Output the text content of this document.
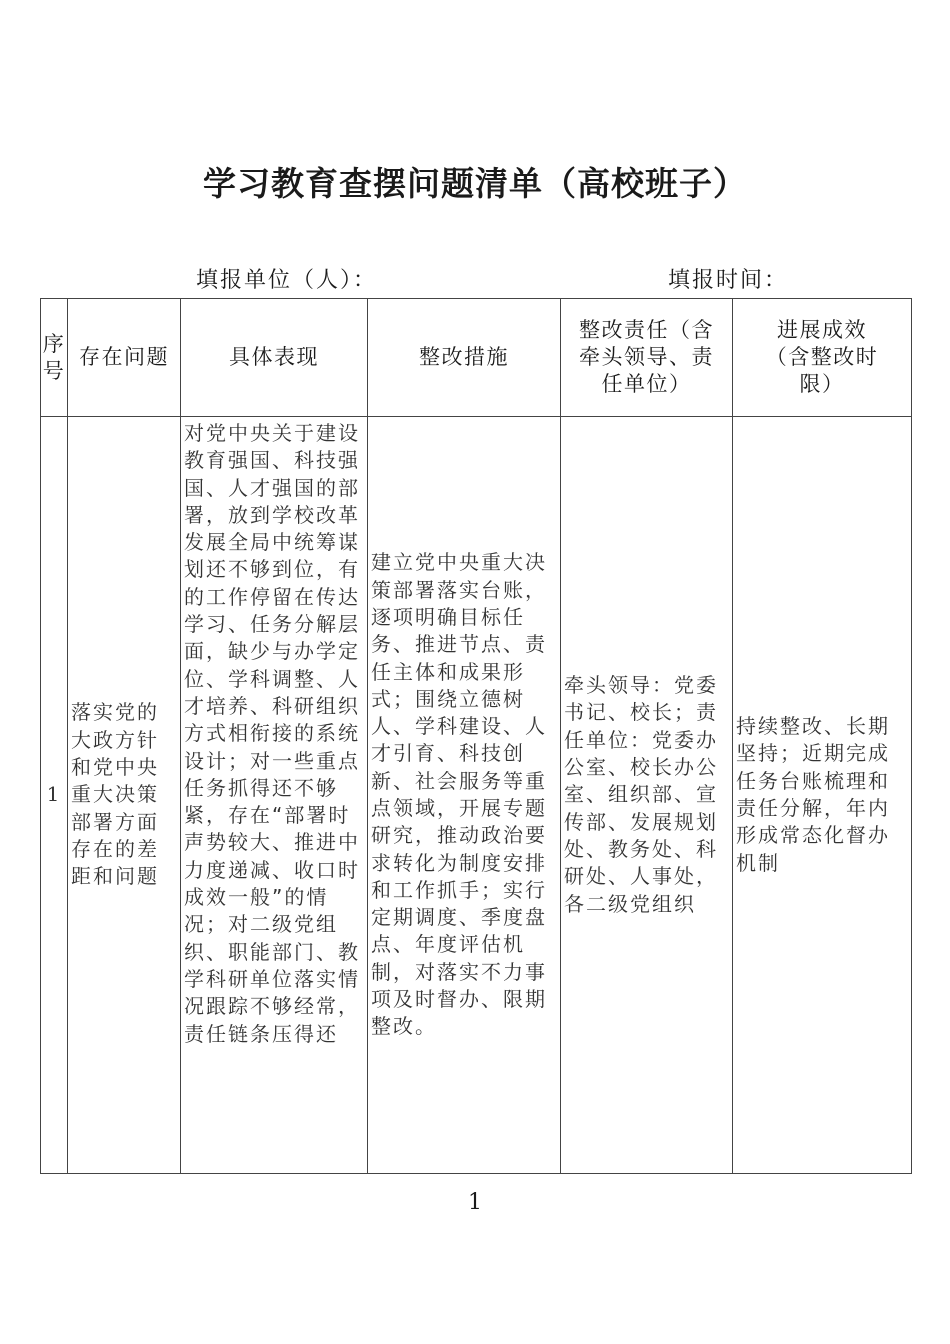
学习教育查摆问题清单（高校班子）
填报单位（人）：	填报时间：
序号	存在问题	具体表现	整改措施	整改责任（含牵头领导、责任单位）	进展成效（含整改时限）

1	落实党的大政方针和党中央重大决策部署方面存在的差距和问题	对党中央关于建设教育强国、科技强国、人才强国的部署，放到学校改革发展全局中统筹谋划还不够到位，有的工作停留在传达学习、任务分解层面，缺少与办学定位、学科调整、人才培养、科研组织方式相衔接的系统设计；对一些重点任务抓得还不够紧，存在“部署时声势较大、推进中力度递减、收口时成效一般”的情况；对二级党组织、职能部门、教学科研单位落实情况跟踪不够经常，责任链条压得还	建立党中央重大决策部署落实台账，逐项明确目标任务、推进节点、责任主体和成果形式；围绕立德树人、学科建设、人才引育、科技创新、社会服务等重点领域，开展专题研究，推动政治要求转化为制度安排和工作抓手；实行定期调度、季度盘点、年度评估机制，对落实不力事项及时督办、限期整改。	牵头领导：党委书记、校长；责任单位：党委办公室、校长办公室、组织部、宣传部、发展规划处、教务处、科研处、人事处，各二级党组织	持续整改、长期坚持；近期完成任务台账梳理和责任分解，年内形成常态化督办机制
1
